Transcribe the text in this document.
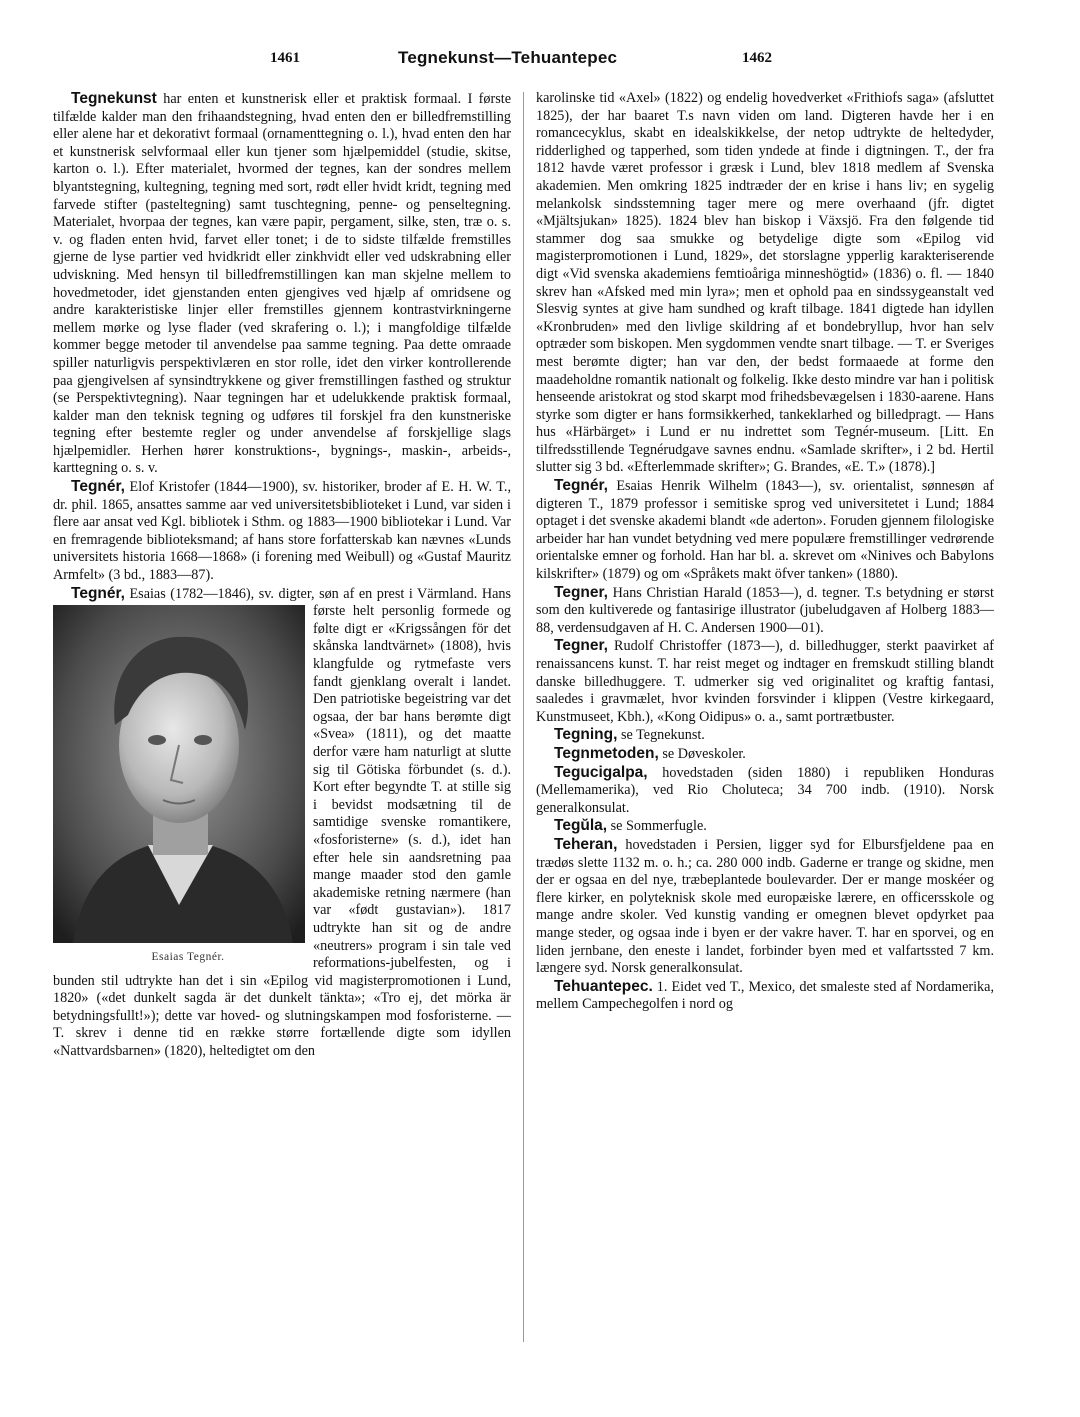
1461	Tegnekunst—Tehuantepec	1462

Tegnekunst har enten et kunstnerisk eller et praktisk formaal. I første tilfælde kalder man den frihaandstegning, hvad enten den er billedfremstilling eller alene har et dekorativt formaal (ornamenttegning o. l.), hvad enten den har et kunstnerisk selvformaal eller kun tjener som hjælpemiddel (studie, skitse, karton o. l.). Efter materialet, hvormed der tegnes, kan der sondres mellem blyantstegning, kultegning, tegning med sort, rødt eller hvidt kridt, tegning med farvede stifter (pasteltegning) samt tuschtegning, penne- og penseltegning. Materialet, hvorpaa der tegnes, kan være papir, pergament, silke, sten, træ o. s. v. og fladen enten hvid, farvet eller tonet; i de to sidste tilfælde fremstilles gjerne de lyse partier ved hvidkridt eller zinkhvidt eller ved udskrabning eller udviskning. Med hensyn til billedfremstillingen kan man skjelne mellem to hovedmetoder, idet gjenstanden enten gjengives ved hjælp af omridsene og andre karakteristiske linjer eller fremstilles gjennem kontrastvirkningerne mellem mørke og lyse flader (ved skrafering o. l.); i mangfoldige tilfælde kommer begge metoder til anvendelse paa samme tegning. Paa dette omraade spiller naturligvis perspektivlæren en stor rolle, idet den virker kontrollerende paa gjengivelsen af synsindtrykkene og giver fremstillingen fasthed og struktur (se Perspektivtegning). Naar tegningen har et udelukkende praktisk formaal, kalder man den teknisk tegning og udføres til forskjel fra den kunstneriske tegning efter bestemte regler og under anvendelse af forskjellige slags hjælpemidler. Herhen hører konstruktions-, bygnings-, maskin-, arbeids-, karttegning o. s. v.

Tegnér, Elof Kristofer (1844—1900), sv. historiker, broder af E. H. W. T., dr. phil. 1865, ansattes samme aar ved universitetsbiblioteket i Lund, var siden i flere aar ansat ved Kgl. bibliotek i Sthm. og 1883—1900 bibliotekar i Lund. Var en fremragende biblioteksmand; af hans store forfatterskab kan nævnes «Lunds universitets historia 1668—1868» (i forening med Weibull) og «Gustaf Mauritz Armfelt» (3 bd., 1883—87).

Tegnér, Esaias (1782—1846), sv. digter, søn af en prest i Värmland. Hans første helt personlig formede
Esaias Tegnér.
og følte digt er «Krigssången för det skånska landtvärnet» (1808), hvis klangfulde og rytmefaste vers fandt gjenklang overalt i landet. Den patriotiske begeistring var det ogsaa, der bar hans berømte digt «Svea» (1811), og det maatte derfor være ham naturligt at slutte sig til Götiska förbundet (s. d.). Kort efter begyndte T. at stille sig i bevidst modsætning til de samtidige svenske romantikere, «fosforisterne» (s. d.), idet han efter hele sin aandsretning paa mange maader stod den gamle akademiske retning nærmere (han var «født gustavian»). 1817 udtrykte han sit og de andre «neutrers» program i sin tale ved reformations-jubelfesten, og i bunden stil udtrykte han det i sin «Epilog vid magisterpromotionen i Lund, 1820» («det dunkelt sagda är det dunkelt tänkta»; «Tro ej, det mörka är betydningsfullt!»); dette var hoved- og slutningskampen mod fosforisterne. — T. skrev i denne tid en række større fortællende digte som idyllen «Nattvardsbarnen» (1820), heltedigtet om den

karolinske tid «Axel» (1822) og endelig hovedverket «Frithiofs saga» (afsluttet 1825), der har baaret T.s navn viden om land. Digteren havde her i en romancecyklus, skabt en idealskikkelse, der netop udtrykte de heltedyder, ridderlighed og tapperhed, som tiden yndede at finde i digtningen. T., der fra 1812 havde været professor i græsk i Lund, blev 1818 medlem af Svenska akademien. Men omkring 1825 indtræder der en krise i hans liv; en sygelig melankolsk sindsstemning tager mere og mere overhaand (jfr. digtet «Mjältsjukan» 1825). 1824 blev han biskop i Växsjö. Fra den følgende tid stammer dog saa smukke og betydelige digte som «Epilog vid magisterpromotionen i Lund, 1829», det storslagne ypperlig karakteriserende digt «Vid svenska akademiens femtioåriga minneshögtid» (1836) o. fl. — 1840 skrev han «Afsked med min lyra»; men et ophold paa en sindssygeanstalt ved Slesvig syntes at give ham sundhed og kraft tilbage. 1841 digtede han idyllen «Kronbruden» med den livlige skildring af et bondebryllup, hvor han selv optræder som biskopen. Men sygdommen vendte snart tilbage. — T. er Sveriges mest berømte digter; han var den, der bedst formaaede at forme den maadeholdne romantik nationalt og folkelig. Ikke desto mindre var han i politisk henseende aristokrat og stod skarpt mod frihedsbevægelsen i 1830-aarene. Hans styrke som digter er hans formsikkerhed, tankeklarhed og billedpragt. — Hans hus «Härbärget» i Lund er nu indrettet som Tegnér-museum. [Litt. En tilfredsstillende Tegnérudgave savnes endnu. «Samlade skrifter», i 2 bd. Hertil slutter sig 3 bd. «Efterlemmade skrifter»; G. Brandes, «E. T.» (1878).]

Tegnér, Esaias Henrik Wilhelm (1843—), sv. orientalist, sønnesøn af digteren T., 1879 professor i semitiske sprog ved universitetet i Lund; 1884 optaget i det svenske akademi blandt «de aderton». Foruden gjennem filologiske arbeider har han vundet betydning ved mere populære fremstillinger vedrørende orientalske emner og forhold. Han har bl. a. skrevet om «Ninives och Babylons kilskrifter» (1879) og om «Språkets makt öfver tanken» (1880).

Tegner, Hans Christian Harald (1853—), d. tegner. T.s betydning er størst som den kultiverede og fantasirige illustrator (jubeludgaven af Holberg 1883—88, verdensudgaven af H. C. Andersen 1900—01).

Tegner, Rudolf Christoffer (1873—), d. billedhugger, sterkt paavirket af renaissancens kunst. T. har reist meget og indtager en fremskudt stilling blandt danske billedhuggere. T. udmerker sig ved originalitet og kraftig fantasi, saaledes i gravmælet, hvor kvinden forsvinder i klippen (Vestre kirkegaard, Kunstmuseet, Kbh.), «Kong Oidipus» o. a., samt portrætbuster.

Tegning, se Tegnekunst.

Tegnmetoden, se Døveskoler.

Tegucigalpa, hovedstaden (siden 1880) i republiken Honduras (Mellemamerika), ved Rio Choluteca; 34 700 indb. (1910). Norsk generalkonsulat.

Tegŭla, se Sommerfugle.

Teheran, hovedstaden i Persien, ligger syd for Elbursfjeldene paa en trædøs slette 1132 m. o. h.; ca. 280 000 indb. Gaderne er trange og skidne, men der er ogsaa en del nye, træbeplantede boulevarder. Der er mange moskéer og flere kirker, en polyteknisk skole med europæiske lærere, en officersskole og mange andre skoler. Ved kunstig vanding er omegnen blevet opdyrket paa mange steder, og ogsaa inde i byen er der vakre haver. T. har en sporvei, og en liden jernbane, den eneste i landet, forbinder byen med et valfartssted 7 km. længere syd. Norsk generalkonsulat.

Tehuantepec. 1. Eidet ved T., Mexico, det smaleste sted af Nordamerika, mellem Campechegolfen i nord og
